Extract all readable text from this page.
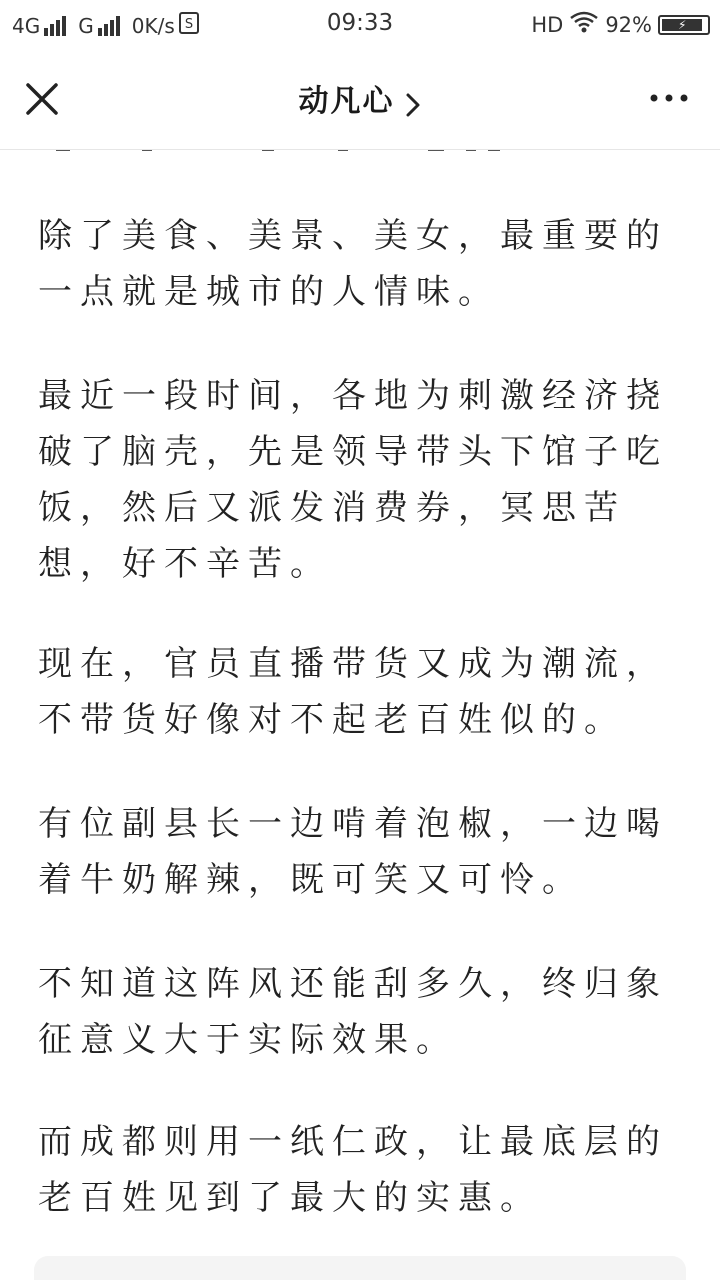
4G G 0K/s S	09:33	HD 92%	⚡
动凡心

除了美食、美景、美女，最重要的一点就是城市的人情味。

最近一段时间，各地为刺激经济挠破了脑壳，先是领导带头下馆子吃饭，然后又派发消费券，冥思苦想，好不辛苦。

现在，官员直播带货又成为潮流，不带货好像对不起老百姓似的。

有位副县长一边啃着泡椒，一边喝着牛奶解辣，既可笑又可怜。

不知道这阵风还能刮多久，终归象征意义大于实际效果。

而成都则用一纸仁政，让最底层的老百姓见到了最大的实惠。
